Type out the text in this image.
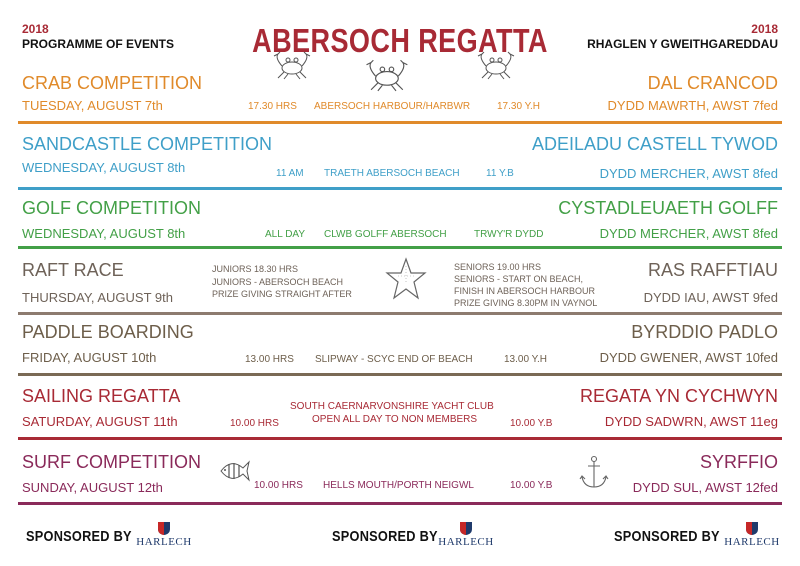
2018
PROGRAMME OF EVENTS
2018
RHAGLEN Y GWEITHGAREDDAU
ABERSOCH REGATTA
CRAB COMPETITION
TUESDAY, AUGUST 7th	17.30 HRS ABERSOCH HARBOUR/HARBWR	17.30 Y.H
DAL CRANCOD
DYDD MAWRTH, AWST 7fed
SANDCASTLE COMPETITION
WEDNESDAY, AUGUST 8th	11 AM TRAETH ABERSOCH BEACH	11 Y.B
ADEILADU CASTELL TYWOD
DYDD MERCHER, AWST 8fed
GOLF COMPETITION
WEDNESDAY, AUGUST 8th	ALL DAY CLWB GOLFF ABERSOCH	TRWY'R DYDD
CYSTADLEUAETH GOLFF
DYDD MERCHER, AWST 8fed
RAFT RACE
THURSDAY, AUGUST 9th
JUNIORS 18.30 HRS
JUNIORS - ABERSOCH BEACH
PRIZE GIVING STRAIGHT AFTER
SENIORS 19.00 HRS
SENIORS - START ON BEACH,
FINISH IN ABERSOCH HARBOUR
PRIZE GIVING 8.30PM IN VAYNOL
RAS RAFFTIAU
DYDD IAU, AWST 9fed
PADDLE BOARDING
FRIDAY, AUGUST 10th	13.00 HRS SLIPWAY - SCYC END OF BEACH	13.00 Y.H
BYRDDIO PADLO
DYDD GWENER, AWST 10fed
SAILING REGATTA
SATURDAY, AUGUST 11th	10.00 HRS
SOUTH CAERNARVONSHIRE YACHT CLUB
OPEN ALL DAY TO NON MEMBERS	10.00 Y.B
REGATA YN CYCHWYN
DYDD SADWRN, AWST 11eg
SURF COMPETITION
SUNDAY, AUGUST 12th	10.00 HRS HELLS MOUTH/PORTH NEIGWL	10.00 Y.B
SYRFFIO
DYDD SUL, AWST 12fed
SPONSORED BY HARLECH	SPONSORED BY HARLECH	SPONSORED BY HARLECH
